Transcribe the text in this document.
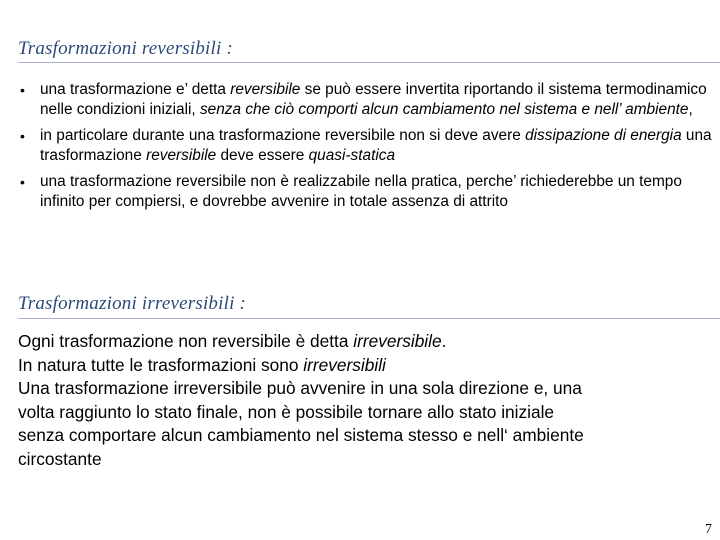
Trasformazioni reversibili :
• una trasformazione e’ detta reversibile se può essere invertita riportando il sistema termodinamico nelle condizioni iniziali, senza che ciò comporti alcun cambiamento nel sistema e nell’ ambiente,
• in particolare durante una trasformazione reversibile non si deve avere dissipazione di energia una trasformazione reversibile deve essere quasi-statica
• una trasformazione reversibile non è realizzabile nella pratica, perche’ richiederebbe un tempo infinito per compiersi, e dovrebbe avvenire in totale assenza di attrito
Trasformazioni irreversibili :

Ogni trasformazione non reversibile è detta irreversibile.
In natura tutte le trasformazioni sono irreversibili
Una trasformazione irreversibile può avvenire in una sola direzione e, una
volta raggiunto lo stato finale, non è possibile tornare allo stato iniziale
senza comportare alcun cambiamento nel sistema stesso e nell‘ ambiente
circostante

7
